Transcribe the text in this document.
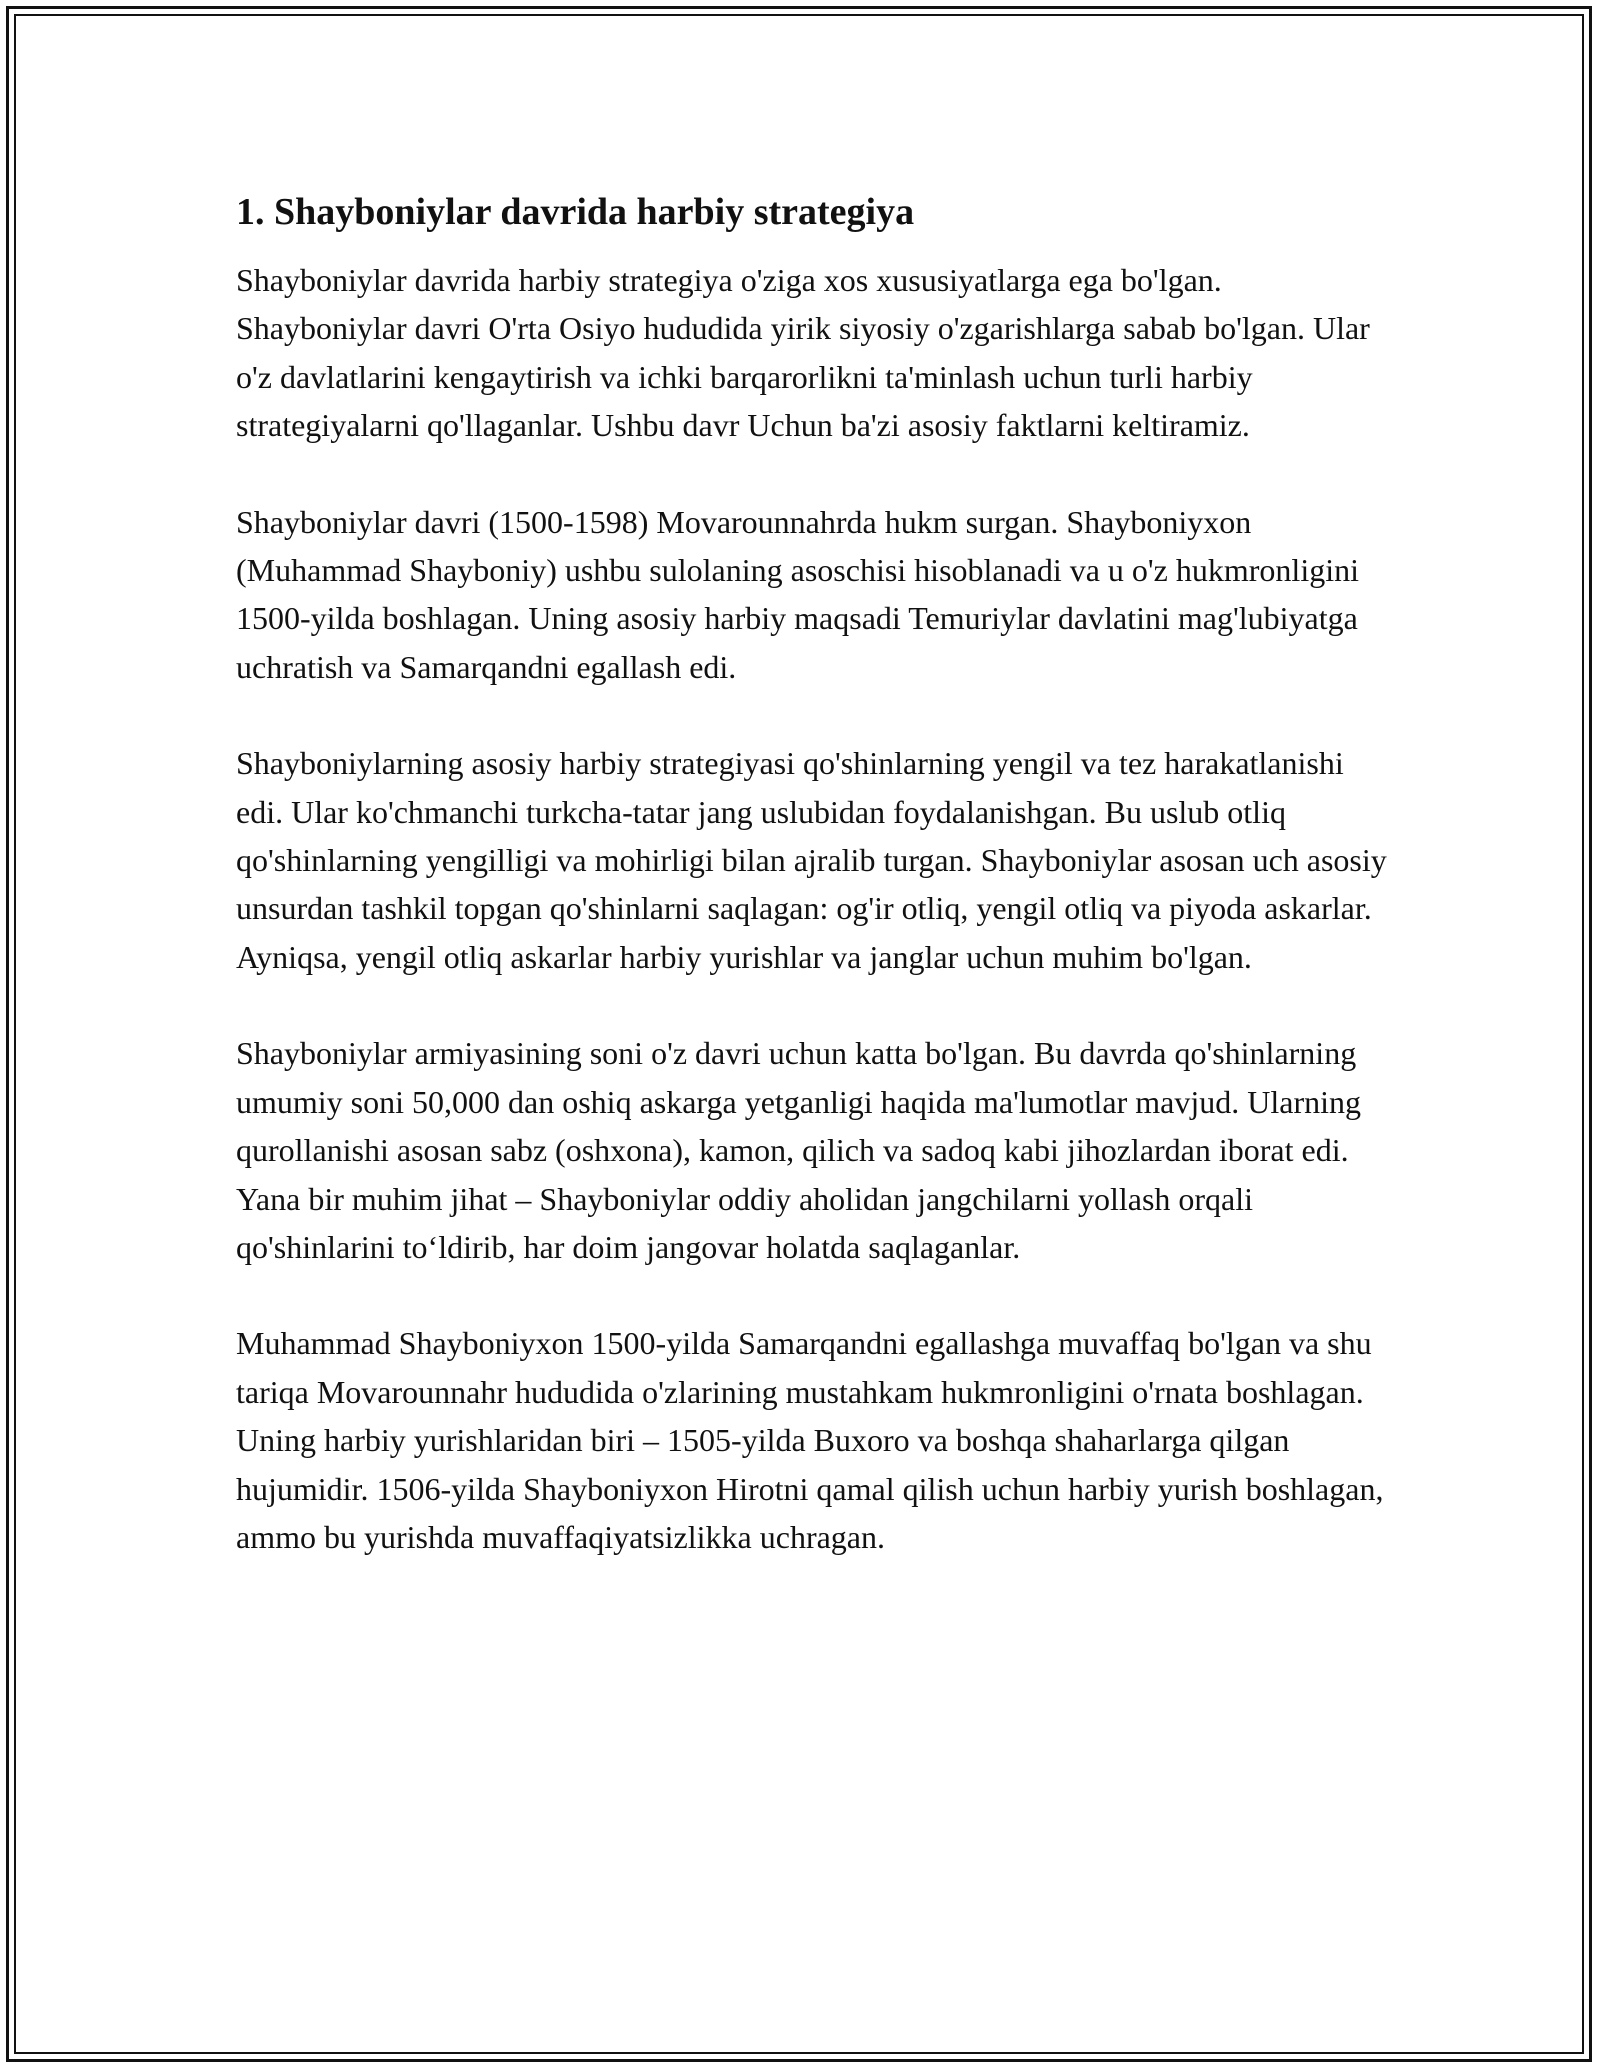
1. Shayboniylar davrida harbiy strategiya

Shayboniylar davrida harbiy strategiya o'ziga xos xususiyatlarga ega bo'lgan. Shayboniylar davri O'rta Osiyo hududida yirik siyosiy o'zgarishlarga sabab bo'lgan. Ular o'z davlatlarini kengaytirish va ichki barqarorlikni ta'minlash uchun turli harbiy strategiyalarni qo'llaganlar. Ushbu davr Uchun ba'zi asosiy faktlarni keltiramiz.

Shayboniylar davri (1500-1598) Movarounnahrda hukm surgan. Shayboniyxon (Muhammad Shayboniy) ushbu sulolaning asoschisi hisoblanadi va u o'z hukmronligini 1500-yilda boshlagan. Uning asosiy harbiy maqsadi Temuriylar davlatini mag'lubiyatga uchratish va Samarqandni egallash edi.

Shayboniylarning asosiy harbiy strategiyasi qo'shinlarning yengil va tez harakatlanishi edi. Ular ko'chmanchi turkcha-tatar jang uslubidan foydalanishgan. Bu uslub otliq qo'shinlarning yengilligi va mohirligi bilan ajralib turgan. Shayboniylar asosan uch asosiy unsurdan tashkil topgan qo'shinlarni saqlagan: og'ir otliq, yengil otliq va piyoda askarlar. Ayniqsa, yengil otliq askarlar harbiy yurishlar va janglar uchun muhim bo'lgan.

Shayboniylar armiyasining soni o'z davri uchun katta bo'lgan. Bu davrda qo'shinlarning umumiy soni 50,000 dan oshiq askarga yetganligi haqida ma'lumotlar mavjud. Ularning qurollanishi asosan sabz (oshxona), kamon, qilich va sadoq kabi jihozlardan iborat edi. Yana bir muhim jihat – Shayboniylar oddiy aholidan jangchilarni yollash orqali qo'shinlarini to‘ldirib, har doim jangovar holatda saqlaganlar.

Muhammad Shayboniyxon 1500-yilda Samarqandni egallashga muvaffaq bo'lgan va shu tariqa Movarounnahr hududida o'zlarining mustahkam hukmronligini o'rnata boshlagan. Uning harbiy yurishlaridan biri – 1505-yilda Buxoro va boshqa shaharlarga qilgan hujumidir. 1506-yilda Shayboniyxon Hirotni qamal qilish uchun harbiy yurish boshlagan, ammo bu yurishda muvaffaqiyatsizlikka uchragan.
